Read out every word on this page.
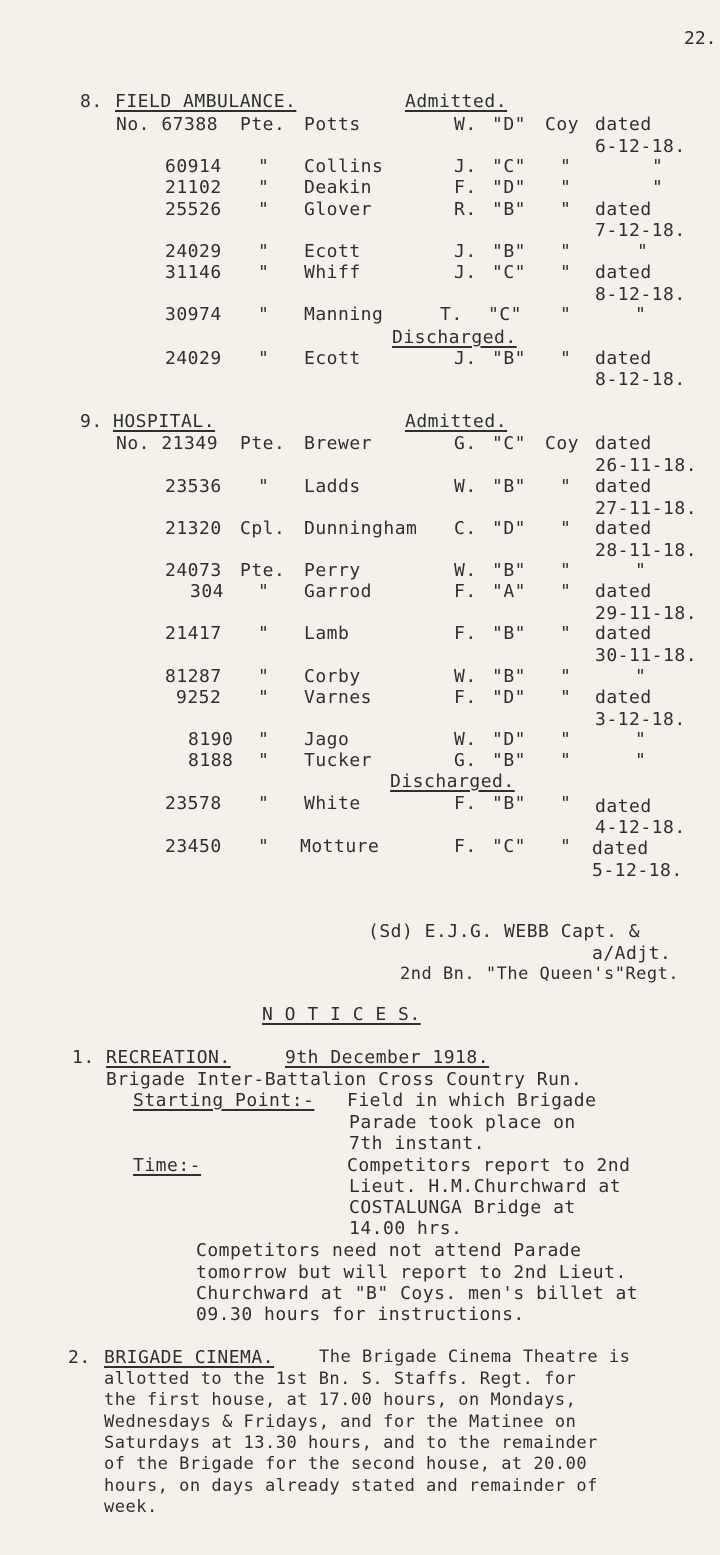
22.
8. FIELD AMBULANCE.	Admitted.
Discharged.
No. 67388 Pte. Potts	W. "D" Coy dated
6-12-18.
60914 " Collins	J. "C" "	"
21102 " Deakin	F. "D" "	"
25526 " Glover	R. "B" " dated
7-12-18.
24029 " Ecott	J. "B" "	"
31146 " Whiff	J. "C" " dated
8-12-18.
30974 " Manning	T. "C" "	"
24029 " Ecott	J. "B" " dated
8-12-18.
9. HOSPITAL.	Admitted.
Discharged.
No. 21349 Pte. Brewer	G. "C" Coy dated
26-11-18.
23536 " Ladds	W. "B" " dated
27-11-18.
21320 Cpl. Dunningham C. "D" " dated
28-11-18.
24073 Pte. Perry	W. "B" "	"
304 " Garrod	F. "A" " dated
29-11-18.
21417 " Lamb	F. "B" " dated
30-11-18.
81287 " Corby	W. "B" "	"
9252 " Varnes	F. "D" " dated
3-12-18.
8190 " Jago	W. "D" "	"
8188 " Tucker	G. "B" "	"
23578 " White	F. "B" " dated
4-12-18.
23450 " Motture	F. "C" " dated
5-12-18.
(Sd) E.J.G. WEBB Capt. &
a/Adjt.
2nd Bn. "The Queen's"Regt.
N O T I C E S.
1. RECREATION.	9th December 1918.
Brigade Inter-Battalion Cross Country Run.
Starting Point:- Field in which Brigade
Parade took place on
7th instant.
Time:-	Competitors report to 2nd
Lieut. H.M.Churchward at
COSTALUNGA Bridge at
14.00 hrs.
Competitors need not attend Parade
tomorrow but will report to 2nd Lieut.
Churchward at "B" Coys. men's billet at
09.30 hours for instructions.
2. BRIGADE CINEMA.	The Brigade Cinema Theatre is
allotted to the 1st Bn. S. Staffs. Regt. for
the first house, at 17.00 hours, on Mondays,
Wednesdays & Fridays, and for the Matinee on
Saturdays at 13.30 hours, and to the remainder
of the Brigade for the second house, at 20.00
hours, on days already stated and remainder of
week.
